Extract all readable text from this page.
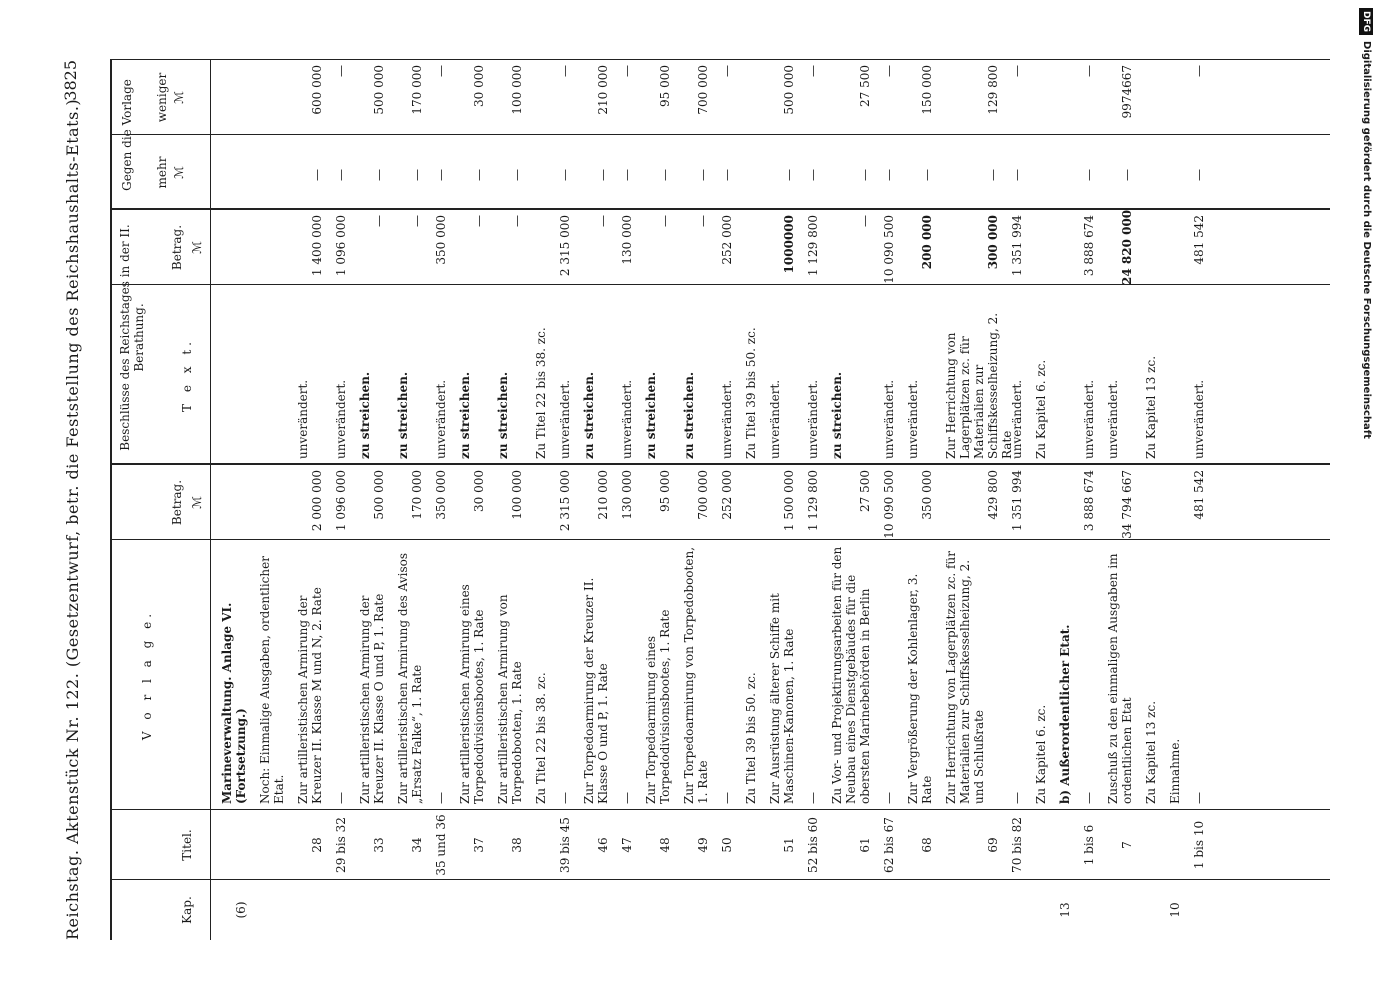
Reichstag. Aktenstück Nr. 122. (Gesetzentwurf, betr. die Feststellung des Reichshaushalts-Etats.)
3825
Kap.
Titel.
V o r l a g e.
Betrag. ℳ
Beschlüsse des Reichstages in der II. Berathung.
T e x t.
Betrag. ℳ
Gegen die Vorlage mehr ℳ
weniger ℳ
(6)
Marineverwaltung. Anlage VI. (Fortsetzung.) Noch: Einmalige Ausgaben, ordentlicher Etat.
28
Zur artilleristischen Armirung der Kreuzer II. Klasse M und N, 2. Rate
2 000 000
unverändert.
1 400 000
—
600 000
29 bis 32
—
1 096 000
unverändert.
1 096 000
—
—
33
Zur artilleristischen Armirung der Kreuzer II. Klasse O und P, 1. Rate
500 000
zu streichen.
—
—
500 000
34
Zur artilleristischen Armirung des Avisos „Ersatz Falke“, 1. Rate
170 000
zu streichen.
—
—
170 000
35 und 36
—
350 000
unverändert.
350 000
—
—
37
Zur artilleristischen Armirung eines Torpedodivisionsbootes, 1. Rate
30 000
zu streichen.
—
—
30 000
38
Zur artilleristischen Armirung von Torpedobooten, 1. Rate
100 000
zu streichen.
—
—
100 000
Zu Titel 22 bis 38. zc.
Zu Titel 22 bis 38. zc.
39 bis 45
—
2 315 000
unverändert.
2 315 000
—
—
46
Zur Torpedoarmirung der Kreuzer II. Klasse O und P, 1. Rate
210 000
zu streichen.
—
—
210 000
47
—
130 000
unverändert.
130 000
—
—
48
Zur Torpedoarmirung eines Torpedodivisionsbootes, 1. Rate
95 000
zu streichen.
—
—
95 000
49
Zur Torpedoarmirung von Torpedobooten, 1. Rate
700 000
zu streichen.
—
—
700 000
50
—
252 000
unverändert.
252 000
—
—
Zu Titel 39 bis 50. zc.
Zu Titel 39 bis 50. zc.
51
Zur Ausrüstung älterer Schiffe mit Maschinen-Kanonen, 1. Rate
1 500 000
unverändert.
1000000
—
500 000
52 bis 60
—
1 129 800
unverändert.
1 129 800
—
—
61
Zu Vor- und Projektirungsarbeiten für den Neubau eines Dienstgebäudes für die obersten Marinebehörden in Berlin
27 500
zu streichen.
—
—
27 500
62 bis 67
—
10 090 500
unverändert.
10 090 500
—
—
68
Zur Vergrößerung der Kohlenlager, 3. Rate
350 000
unverändert.
200 000
—
150 000
69
Zur Herrichtung von Lagerplätzen zc. für Materialien zur Schiffskesselheizung, 2. und Schlußrate
429 800
Zur Herrichtung von Lagerplätzen zc. für Materialien zur Schiffskesselheizung, 2. Rate
300 000
—
129 800
70 bis 82
—
1 351 994
unverändert.
1 351 994
—
—
Zu Kapitel 6. zc.
Zu Kapitel 6. zc.
13
b) Außerordentlicher Etat.
1 bis 6
—
3 888 674
unverändert.
3 888 674
—
—
7
Zuschuß zu den einmaligen Ausgaben im ordentlichen Etat
34 794 667
unverändert.
24 820 000
—
9974667
Zu Kapitel 13 zc.
Zu Kapitel 13 zc.
10
Einnahme.
1 bis 10
—
481 542
unverändert.
481 542
—
—
DFGDigitalisierung gefördert durch die Deutsche Forschungsgemeinschaft
